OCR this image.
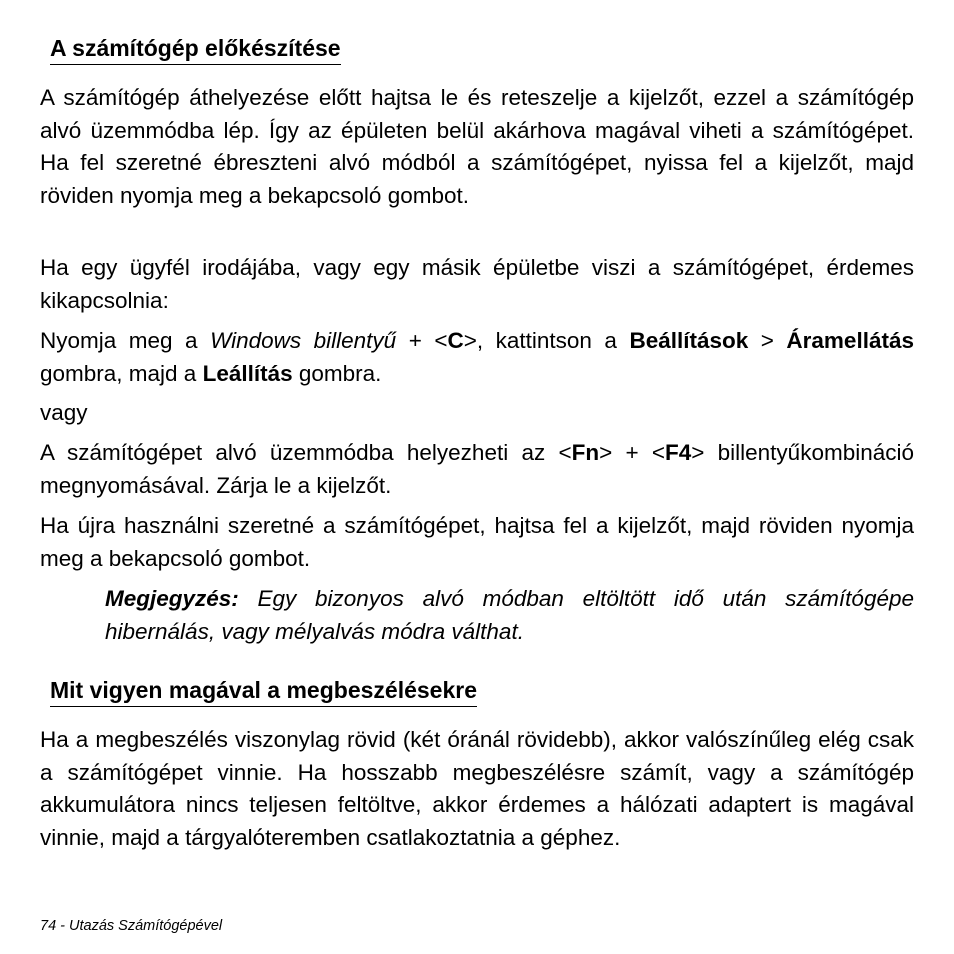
A számítógép előkészítése

A számítógép áthelyezése előtt hajtsa le és reteszelje a kijelzőt, ezzel a számítógép alvó üzemmódba lép. Így az épületen belül akárhova magával viheti a számítógépet. Ha fel szeretné ébreszteni alvó módból a számítógépet, nyissa fel a kijelzőt, majd röviden nyomja meg a bekapcsoló gombot.

Ha egy ügyfél irodájába, vagy egy másik épületbe viszi a számítógépet, érdemes kikapcsolnia:

Nyomja meg a Windows billentyű + <C>, kattintson a Beállítások > Áramellátás gombra, majd a Leállítás gombra.

vagy

A számítógépet alvó üzemmódba helyezheti az <Fn> + <F4> billentyűkombináció megnyomásával. Zárja le a kijelzőt.

Ha újra használni szeretné a számítógépet, hajtsa fel a kijelzőt, majd röviden nyomja meg a bekapcsoló gombot.

Megjegyzés: Egy bizonyos alvó módban eltöltött idő után számítógépe hibernálás, vagy mélyalvás módra válthat.

Mit vigyen magával a megbeszélésekre

Ha a megbeszélés viszonylag rövid (két óránál rövidebb), akkor valószínűleg elég csak a számítógépet vinnie. Ha hosszabb megbeszélésre számít, vagy a számítógép akkumulátora nincs teljesen feltöltve, akkor érdemes a hálózati adaptert is magával vinnie, majd a tárgyalóteremben csatlakoztatnia a géphez.

74 - Utazás Számítógépével
